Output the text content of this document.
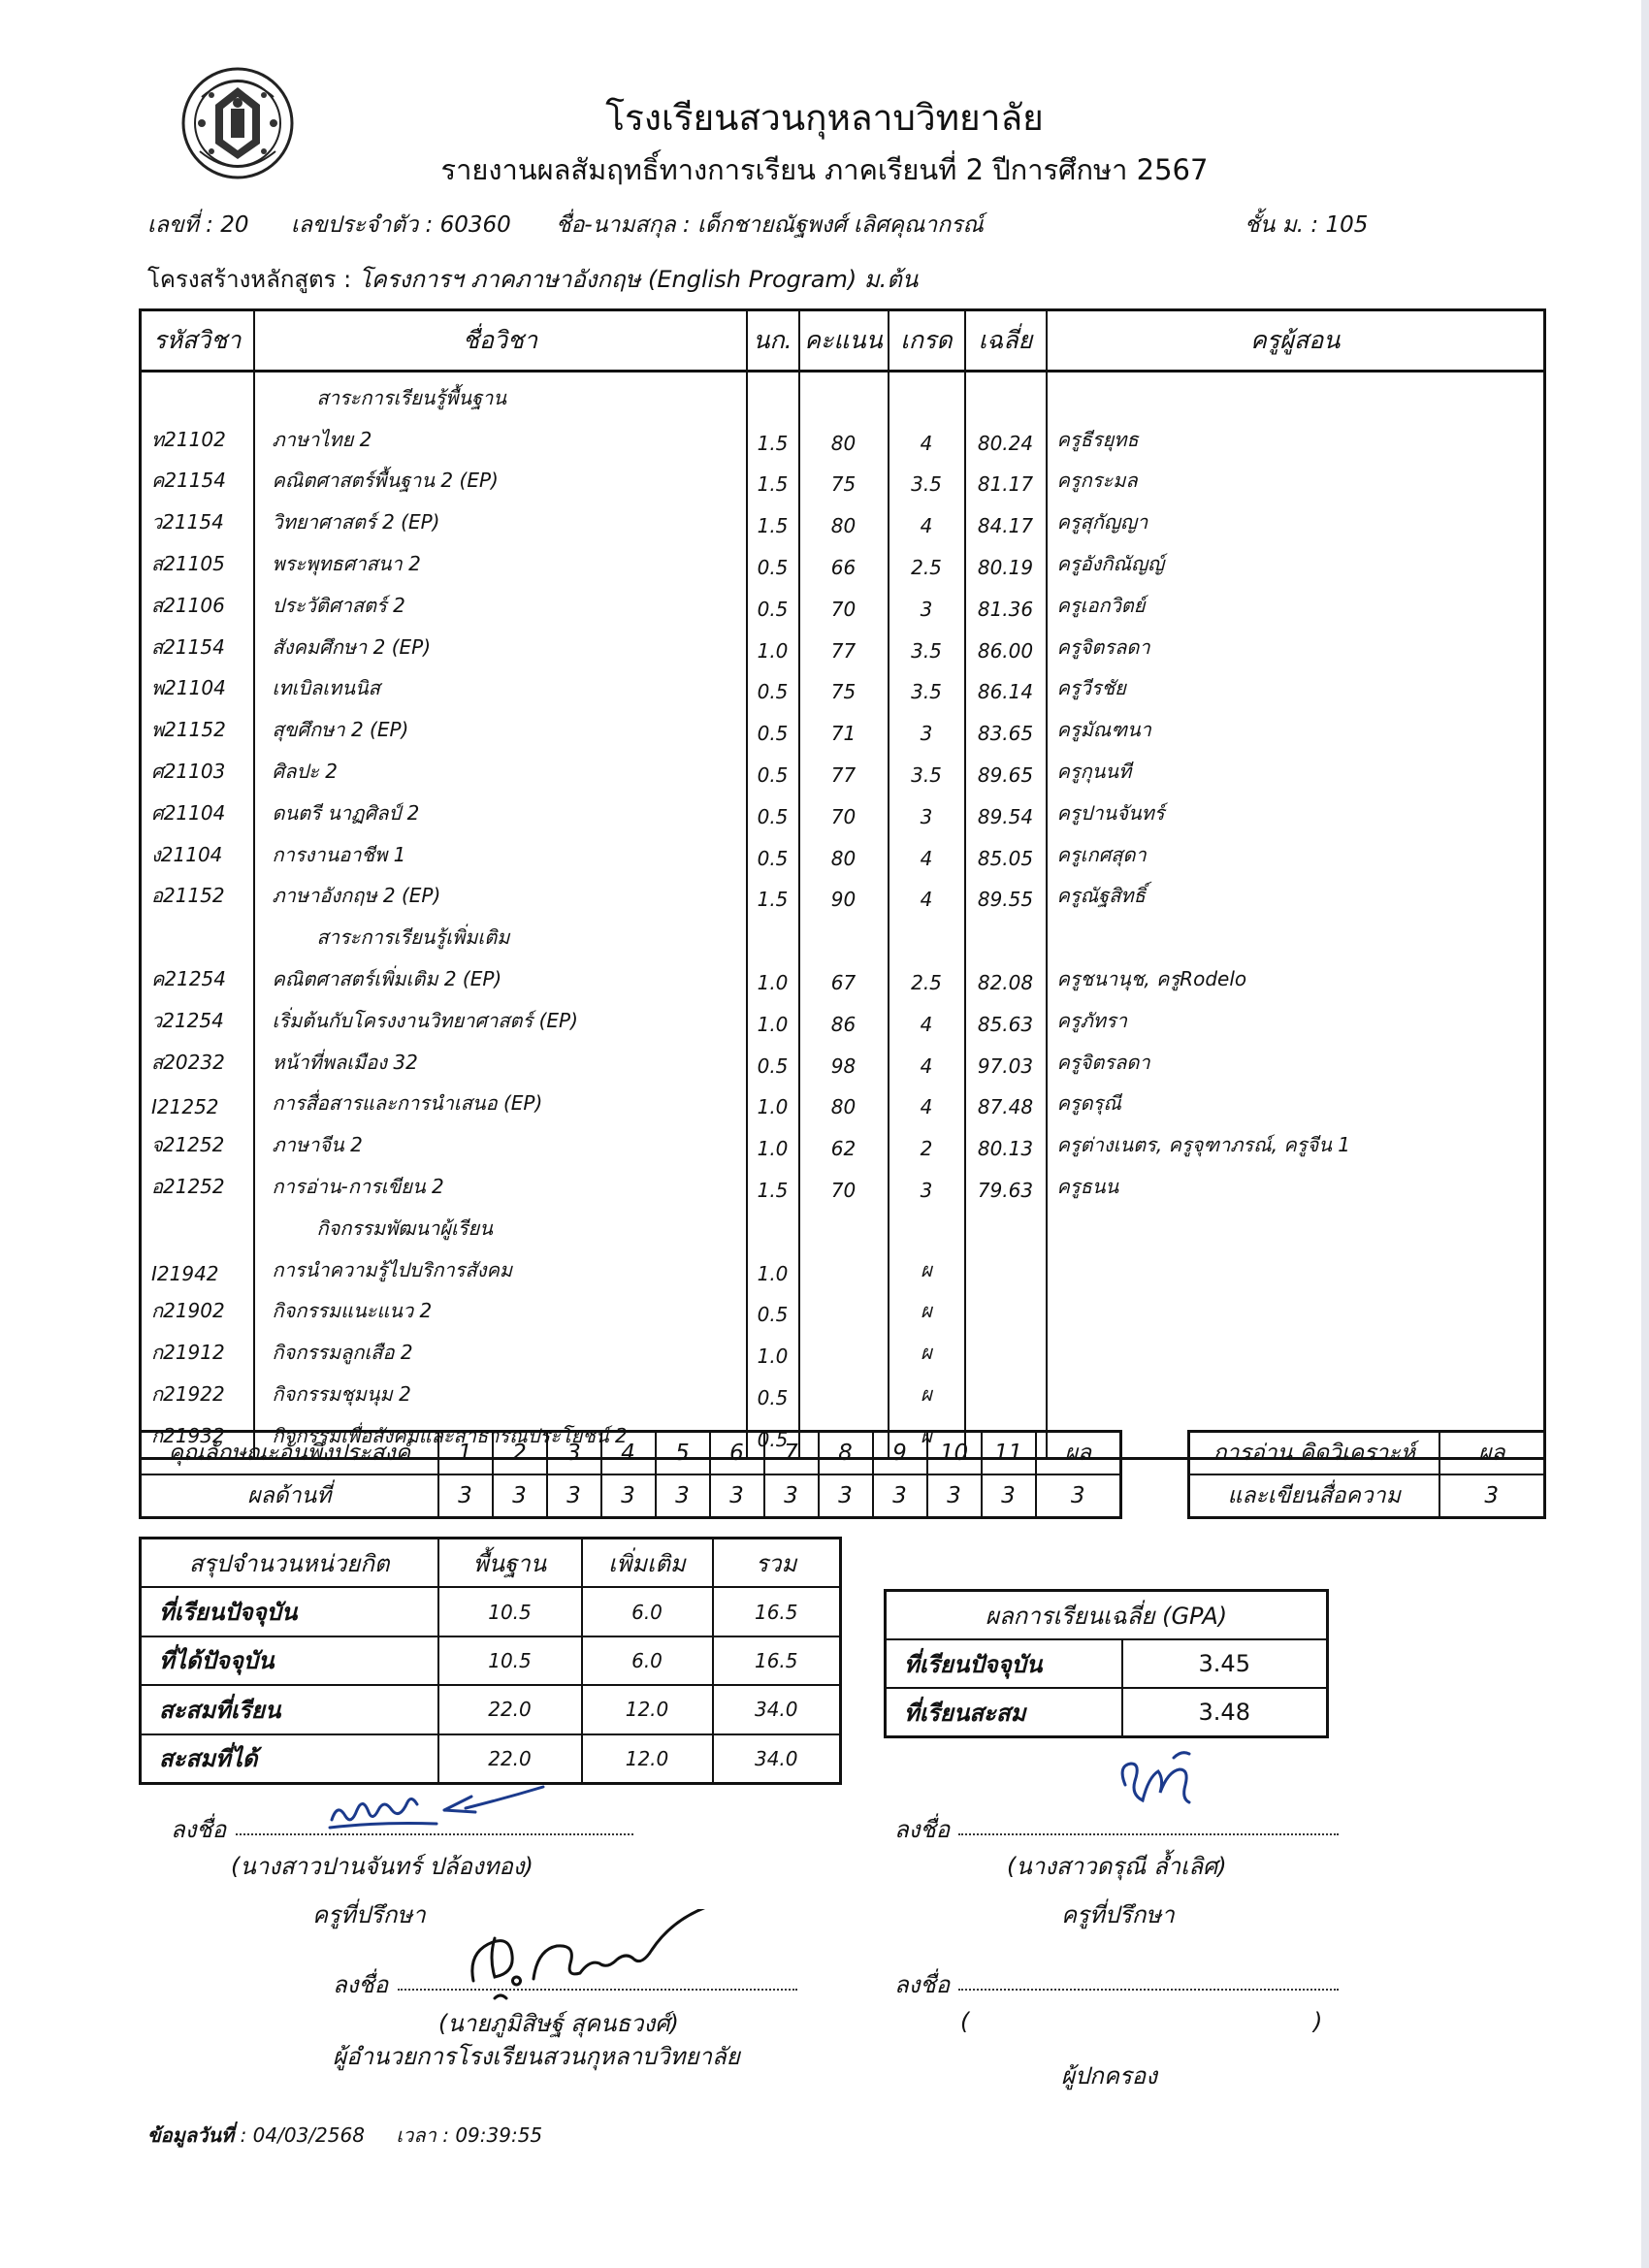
โรงเรียนสวนกุหลาบวิทยาลัย
รายงานผลสัมฤทธิ์ทางการเรียน ภาคเรียนที่ 2 ปีการศึกษา 2567
เลขที่ : 20 เลขประจำตัว : 60360 ชื่อ-นามสกุล : เด็กชายณัฐพงศ์ เลิศคุณากรณ์	ชั้น ม. : 105
โครงสร้างหลักสูตร : โครงการฯ ภาคภาษาอังกฤษ (English Program) ม.ต้น
รหัสวิชา	ชื่อวิชา	นก.	คะแนน	เกรด	เฉลี่ย	ครูผู้สอน
	สาระการเรียนรู้พื้นฐาน					
ท21102	ภาษาไทย 2	1.5	80	4	80.24	ครูธีรยุทธ
ค21154	คณิตศาสตร์พื้นฐาน 2 (EP)	1.5	75	3.5	81.17	ครูกระมล
ว21154	วิทยาศาสตร์ 2 (EP)	1.5	80	4	84.17	ครูสุกัญญา
ส21105	พระพุทธศาสนา 2	0.5	66	2.5	80.19	ครูอังกิณัญญ์
ส21106	ประวัติศาสตร์ 2	0.5	70	3	81.36	ครูเอกวิตย์
ส21154	สังคมศึกษา 2 (EP)	1.0	77	3.5	86.00	ครูจิตรลดา
พ21104	เทเบิลเทนนิส	0.5	75	3.5	86.14	ครูวีรชัย
พ21152	สุขศึกษา 2 (EP)	0.5	71	3	83.65	ครูมัณฑนา
ศ21103	ศิลปะ 2	0.5	77	3.5	89.65	ครูกุนนที
ศ21104	ดนตรี นาฏศิลป์ 2	0.5	70	3	89.54	ครูปานจันทร์
ง21104	การงานอาชีพ 1	0.5	80	4	85.05	ครูเกศสุดา
อ21152	ภาษาอังกฤษ 2 (EP)	1.5	90	4	89.55	ครูณัฐสิทธิ์
	สาระการเรียนรู้เพิ่มเติม					
ค21254	คณิตศาสตร์เพิ่มเติม 2 (EP)	1.0	67	2.5	82.08	ครูชนานุช, ครูRodelo
ว21254	เริ่มต้นกับโครงงานวิทยาศาสตร์ (EP)	1.0	86	4	85.63	ครูภัทรา
ส20232	หน้าที่พลเมือง 32	0.5	98	4	97.03	ครูจิตรลดา
I21252	การสื่อสารและการนำเสนอ (EP)	1.0	80	4	87.48	ครูดรุณี
จ21252	ภาษาจีน 2	1.0	62	2	80.13	ครูต่างเนตร, ครูจุฑาภรณ์, ครูจีน 1
อ21252	การอ่าน-การเขียน 2	1.5	70	3	79.63	ครูธนน
	กิจกรรมพัฒนาผู้เรียน					
I21942	การนำความรู้ไปบริการสังคม	1.0		ผ		
ก21902	กิจกรรมแนะแนว 2	0.5		ผ		
ก21912	กิจกรรมลูกเสือ 2	1.0		ผ		
ก21922	กิจกรรมชุมนุม 2	0.5		ผ		
ก21932	กิจกรรมเพื่อสังคมและสาธารณประโยชน์ 2	0.5		ผ		
คุณลักษณะอันพึงประสงค์	1	2	3	4	5	6	7	8	9	10	11	ผล
ผลด้านที่	3	3	3	3	3	3	3	3	3	3	3	3
การอ่าน คิดวิเคราะห์	ผล
และเขียนสื่อความ	3
สรุปจำนวนหน่วยกิต	พื้นฐาน	เพิ่มเติม	รวม
ที่เรียนปัจจุบัน	10.5	6.0	16.5
ที่ได้ปัจจุบัน	10.5	6.0	16.5
สะสมที่เรียน	22.0	12.0	34.0
สะสมที่ได้	22.0	12.0	34.0
ผลการเรียนเฉลี่ย (GPA)	
ที่เรียนปัจจุบัน	3.45
ที่เรียนสะสม	3.48
ลงชื่อ
(นางสาวปานจันทร์ ปล้องทอง)
ครูที่ปรึกษา
ลงชื่อ
(นางสาวดรุณี ล้ำเลิศ)
ครูที่ปรึกษา
ลงชื่อ
(นายภูมิสิษฐ์ สุคนธวงศ์)
ผู้อำนวยการโรงเรียนสวนกุหลาบวิทยาลัย
ลงชื่อ
(	)
ผู้ปกครอง
ข้อมูลวันที่ : 04/03/2568 เวลา : 09:39:55
